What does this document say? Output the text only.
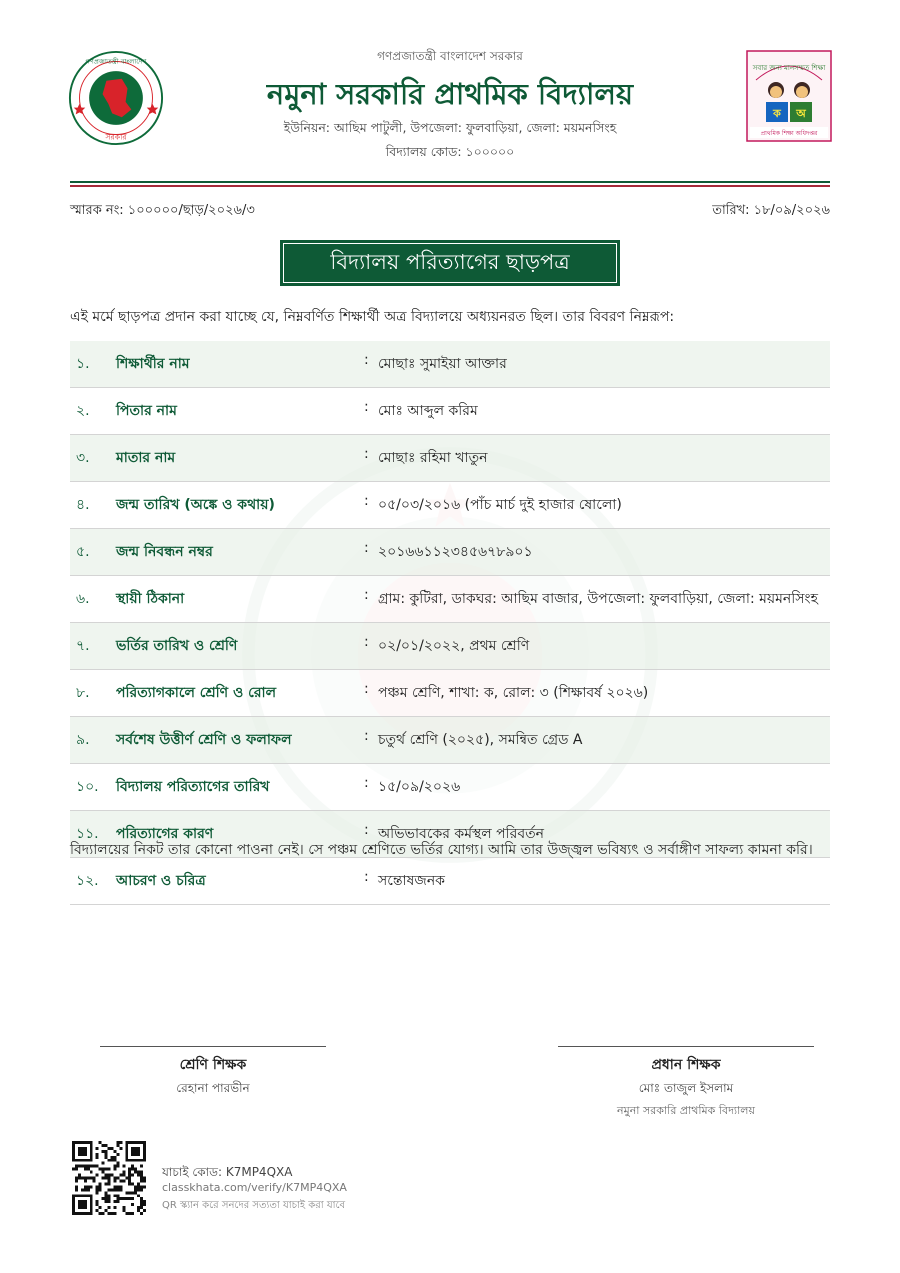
গণপ্রজাতন্ত্রী বাংলাদেশ
সরকার
সবার জন্য মানসম্মত শিক্ষা
ক অ
প্রাথমিক শিক্ষা অধিদপ্তর
গণপ্রজাতন্ত্রী বাংলাদেশ সরকার
নমুনা সরকারি প্রাথমিক বিদ্যালয়
ইউনিয়ন: আছিম পাটুলী, উপজেলা: ফুলবাড়িয়া, জেলা: ময়মনসিংহ
বিদ্যালয় কোড: ১০০০০০
স্মারক নং: ১০০০০০/ছাড়/২০২৬/৩	তারিখ: ১৮/০৯/২০২৬
বিদ্যালয় পরিত্যাগের ছাড়পত্র
এই মর্মে ছাড়পত্র প্রদান করা যাচ্ছে যে, নিম্নবর্ণিত শিক্ষার্থী অত্র বিদ্যালয়ে অধ্যয়নরত ছিল। তার বিবরণ নিম্নরূপ:
১.	শিক্ষার্থীর নাম	:	মোছাঃ সুমাইয়া আক্তার
২.	পিতার নাম	:	মোঃ আব্দুল করিম
৩.	মাতার নাম	:	মোছাঃ রহিমা খাতুন
৪.	জন্ম তারিখ (অঙ্কে ও কথায়)	:	০৫/০৩/২০১৬ (পাঁচ মার্চ দুই হাজার ষোলো)
৫.	জন্ম নিবন্ধন নম্বর	:	২০১৬৬১১২৩৪৫৬৭৮৯০১
৬.	স্থায়ী ঠিকানা	:	গ্রাম: কুটিরা, ডাকঘর: আছিম বাজার, উপজেলা: ফুলবাড়িয়া, জেলা: ময়মনসিংহ
৭.	ভর্তির তারিখ ও শ্রেণি	:	০২/০১/২০২২, প্রথম শ্রেণি
৮.	পরিত্যাগকালে শ্রেণি ও রোল	:	পঞ্চম শ্রেণি, শাখা: ক, রোল: ৩ (শিক্ষাবর্ষ ২০২৬)
৯.	সর্বশেষ উত্তীর্ণ শ্রেণি ও ফলাফল	:	চতুর্থ শ্রেণি (২০২৫), সমন্বিত গ্রেড A
১০.	বিদ্যালয় পরিত্যাগের তারিখ	:	১৫/০৯/২০২৬
১১.	পরিত্যাগের কারণ	:	অভিভাবকের কর্মস্থল পরিবর্তন
১২.	আচরণ ও চরিত্র	:	সন্তোষজনক
বিদ্যালয়ের নিকট তার কোনো পাওনা নেই। সে পঞ্চম শ্রেণিতে ভর্তির যোগ্য। আমি তার উজ্জ্বল ভবিষ্যৎ ও সর্বাঙ্গীণ সাফল্য কামনা করি।
শ্রেণি শিক্ষক
রেহানা পারভীন
প্রধান শিক্ষক
মোঃ তাজুল ইসলাম
নমুনা সরকারি প্রাথমিক বিদ্যালয়
যাচাই কোড: K7MP4QXA
classkhata.com/verify/K7MP4QXA
QR স্ক্যান করে সনদের সত্যতা যাচাই করা যাবে
